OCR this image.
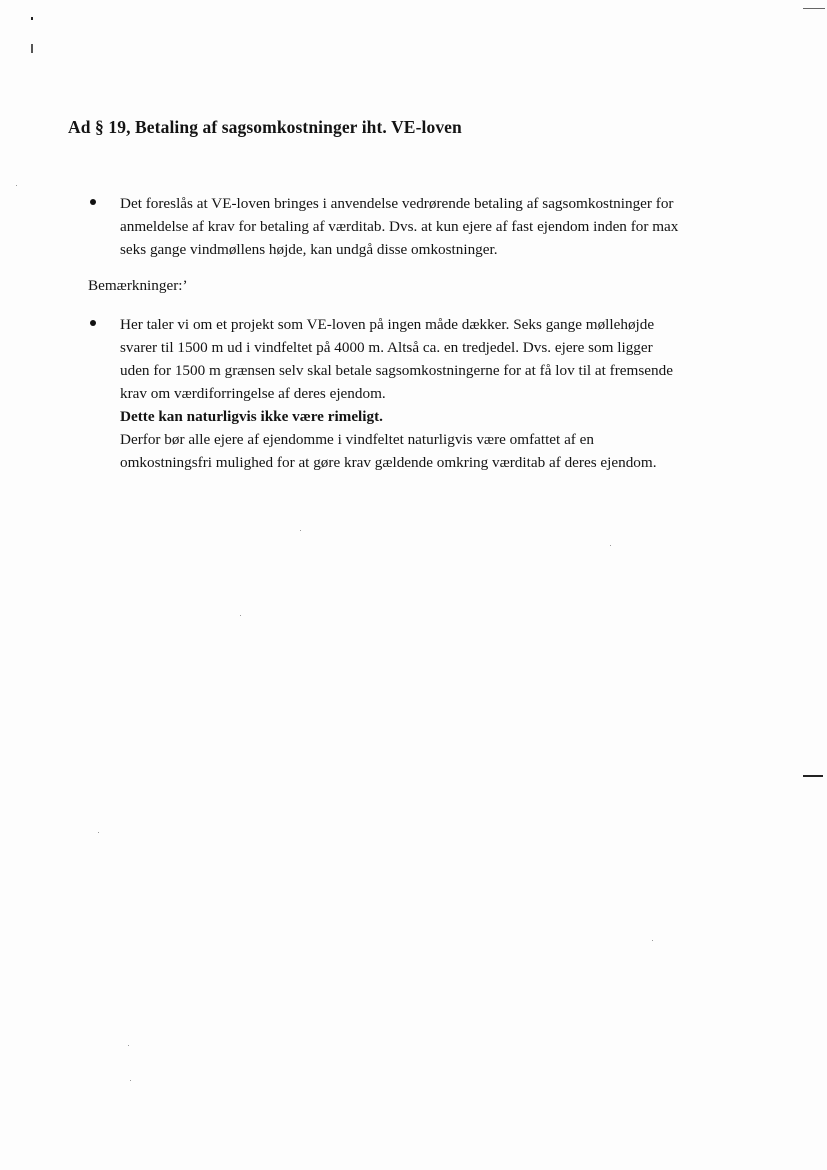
Ad § 19, Betaling af sagsomkostninger iht. VE-loven
Det foreslås at VE-loven bringes i anvendelse vedrørende betaling af sagsomkostninger for
anmeldelse af krav for betaling af værditab. Dvs. at kun ejere af fast ejendom inden for max
seks gange vindmøllens højde, kan undgå disse omkostninger.
Bemærkninger:’
Her taler vi om et projekt som VE-loven på ingen måde dækker. Seks gange møllehøjde
svarer til 1500 m ud i vindfeltet på 4000 m. Altså ca. en tredjedel. Dvs. ejere som ligger
uden for 1500 m grænsen selv skal betale sagsomkostningerne for at få lov til at fremsende
krav om værdiforringelse af deres ejendom.
Dette kan naturligvis ikke være rimeligt.
Derfor bør alle ejere af ejendomme i vindfeltet naturligvis være omfattet af en
omkostningsfri mulighed for at gøre krav gældende omkring værditab af deres ejendom.
